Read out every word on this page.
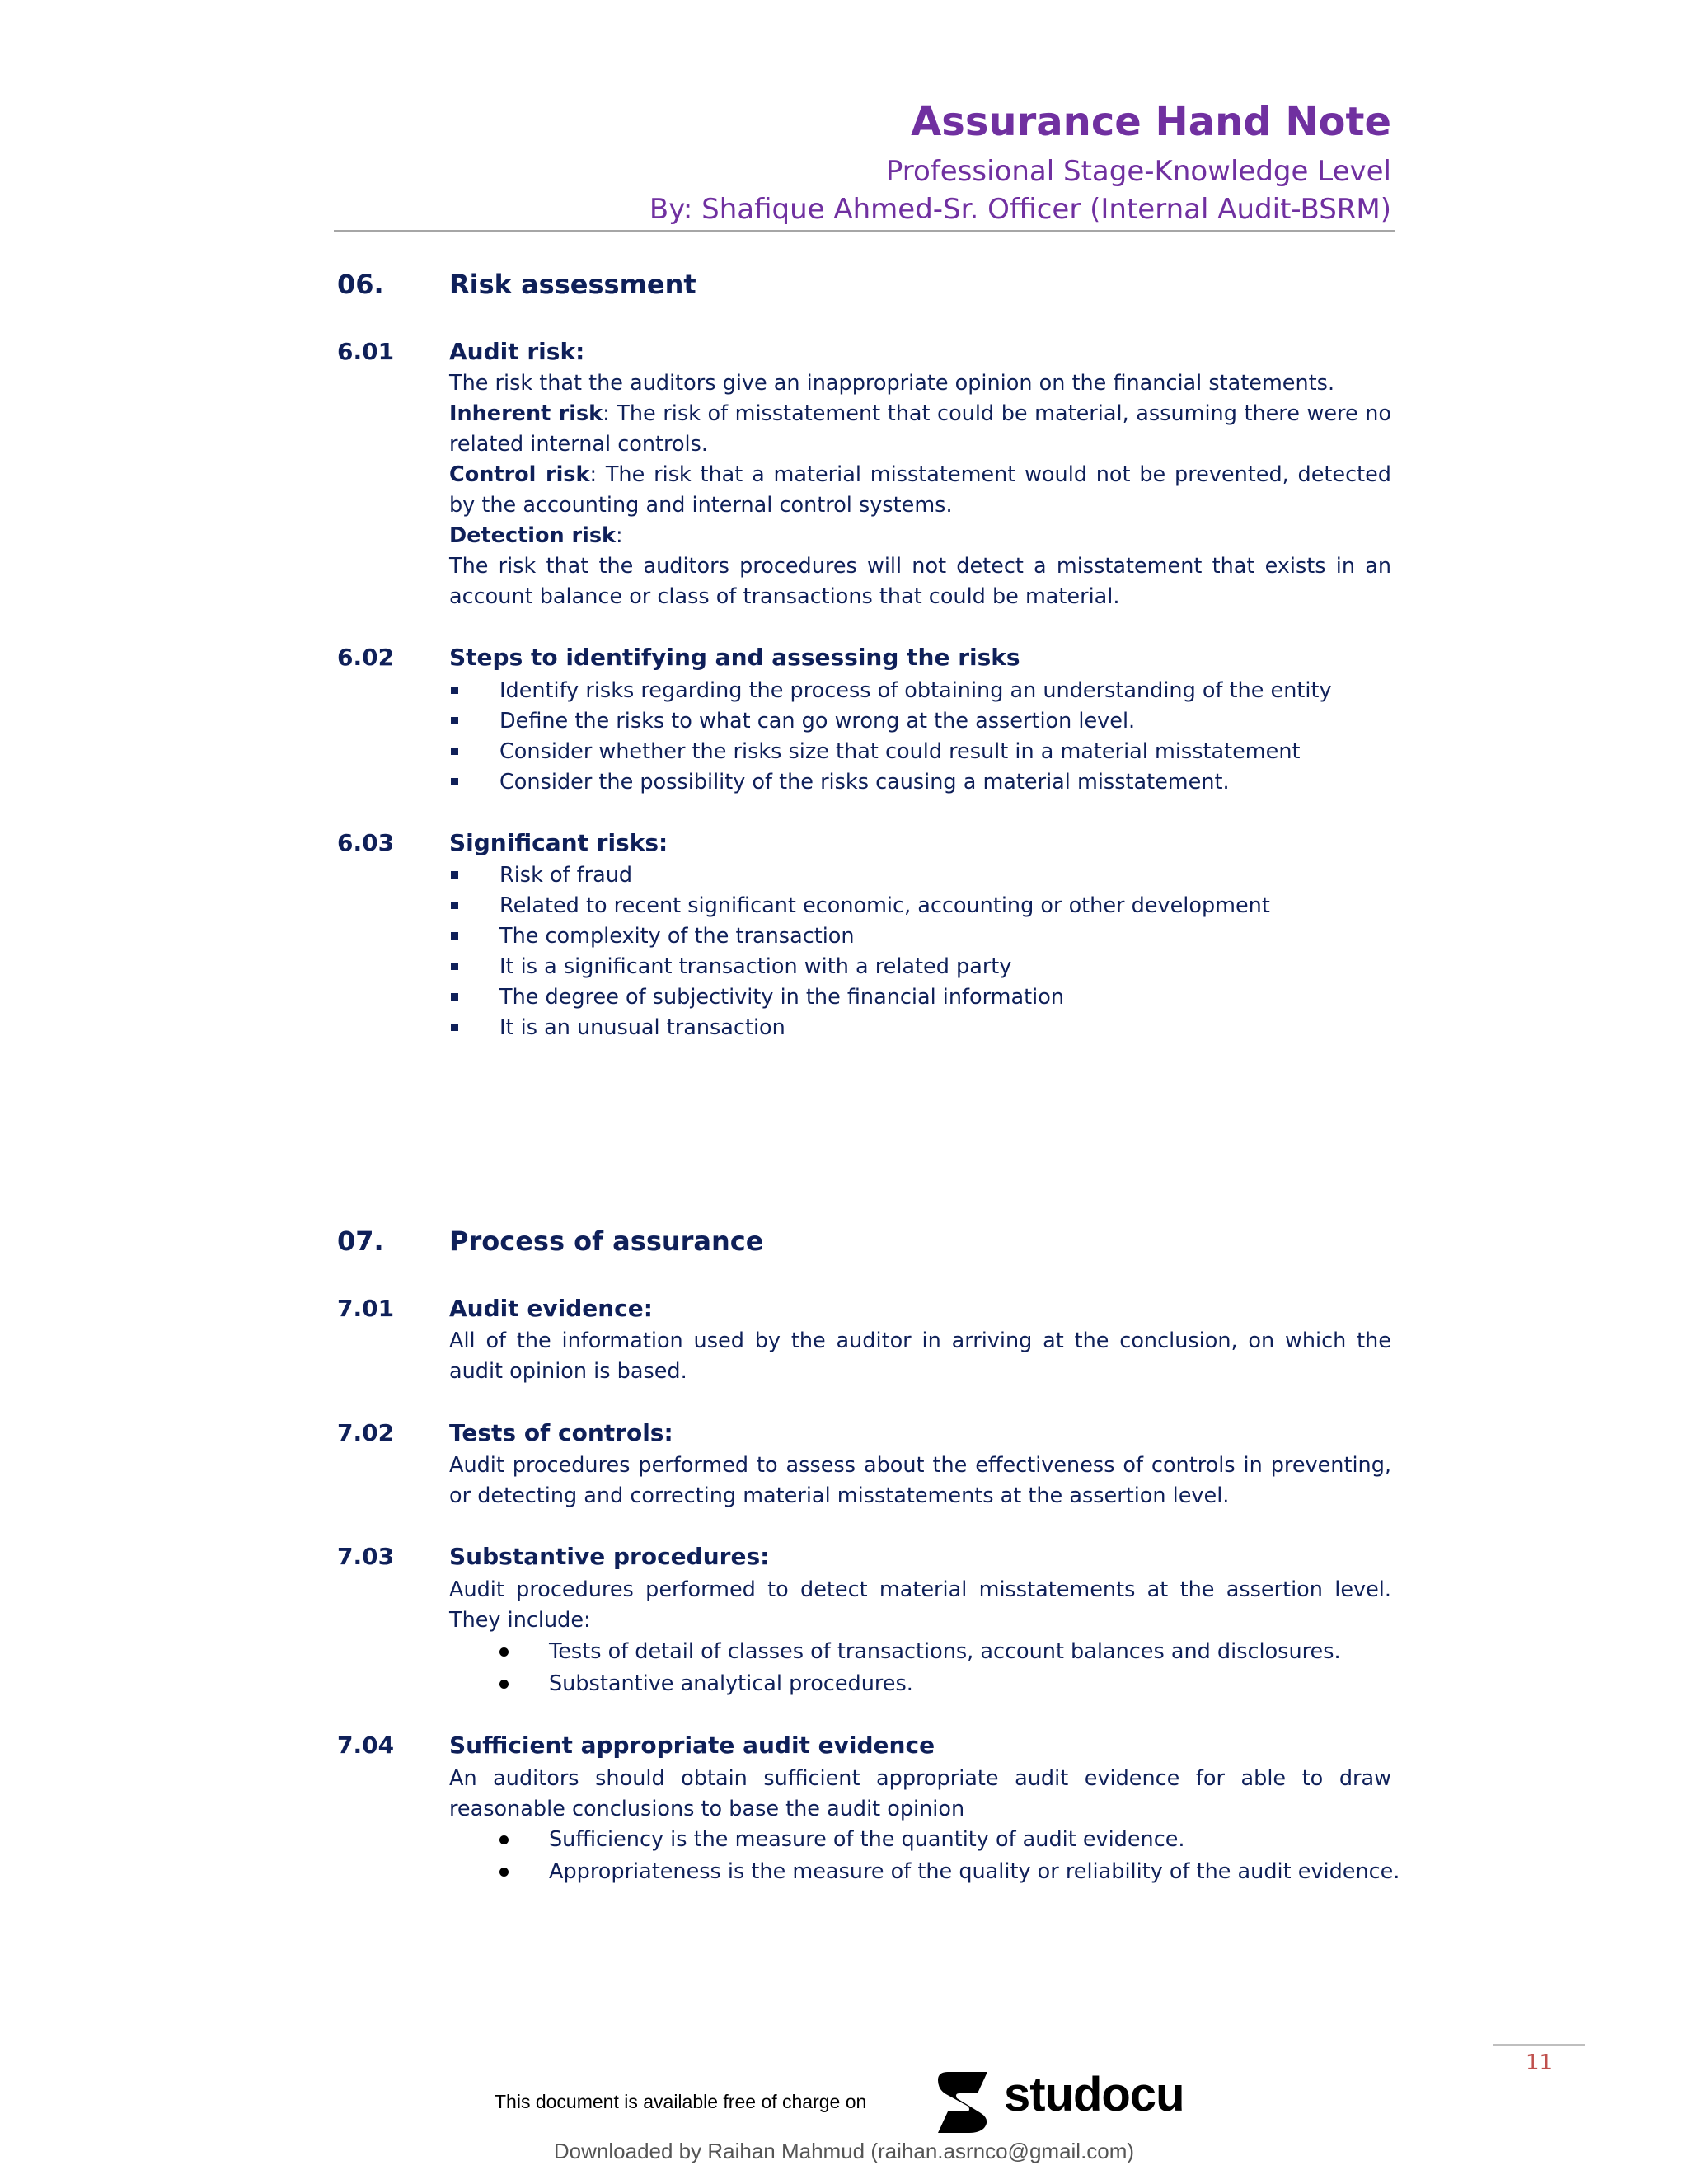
Assurance Hand Note
Professional Stage-Knowledge Level
By: Shafique Ahmed-Sr. Officer (Internal Audit-BSRM)
06. Risk assessment
6.01 Audit risk:
The risk that the auditors give an inappropriate opinion on the financial statements.
Inherent risk: The risk of misstatement that could be material, assuming there were no related internal controls.
Control risk: The risk that a material misstatement would not be prevented, detected by the accounting and internal control systems.
Detection risk:
The risk that the auditors procedures will not detect a misstatement that exists in an account balance or class of transactions that could be material.
6.02 Steps to identifying and assessing the risks
Identify risks regarding the process of obtaining an understanding of the entity
Define the risks to what can go wrong at the assertion level.
Consider whether the risks size that could result in a material misstatement
Consider the possibility of the risks causing a material misstatement.
6.03 Significant risks:
Risk of fraud
Related to recent significant economic, accounting or other development
The complexity of the transaction
It is a significant transaction with a related party
The degree of subjectivity in the financial information
It is an unusual transaction
07. Process of assurance
7.01 Audit evidence:
All of the information used by the auditor in arriving at the conclusion, on which the audit opinion is based.
7.02 Tests of controls:
Audit procedures performed to assess about the effectiveness of controls in preventing, or detecting and correcting material misstatements at the assertion level.
7.03 Substantive procedures:
Audit procedures performed to detect material misstatements at the assertion level. They include:
Tests of detail of classes of transactions, account balances and disclosures.
Substantive analytical procedures.
7.04 Sufficient appropriate audit evidence
An auditors should obtain sufficient appropriate audit evidence for able to draw reasonable conclusions to base the audit opinion
Sufficiency is the measure of the quantity of audit evidence.
Appropriateness is the measure of the quality or reliability of the audit evidence.
11
This document is available free of charge on	studocu
Downloaded by Raihan Mahmud (raihan.asrnco@gmail.com)
